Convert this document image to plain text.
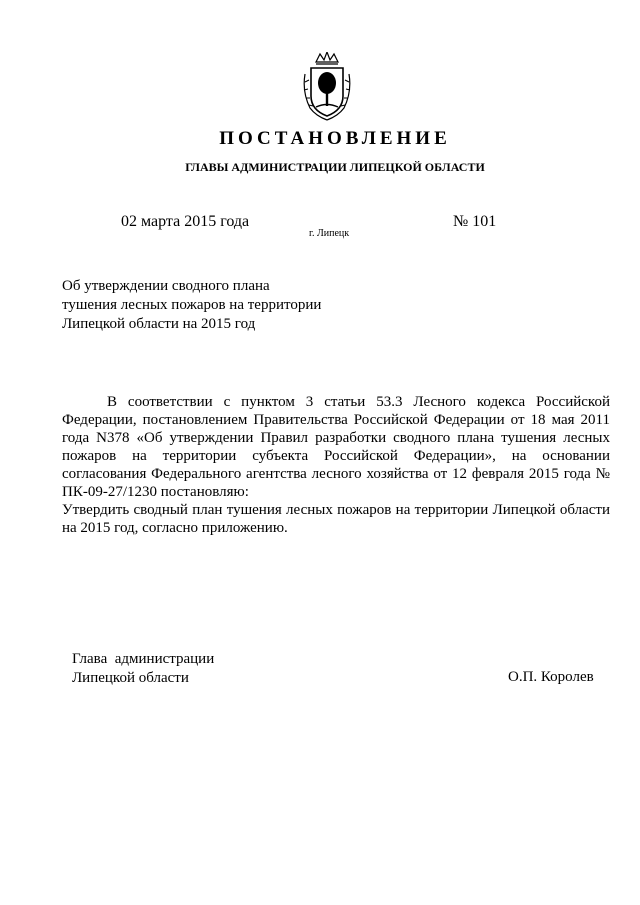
ПОСТАНОВЛЕНИЕ
ГЛАВЫ АДМИНИСТРАЦИИ ЛИПЕЦКОЙ ОБЛАСТИ
02 марта 2015 года
г. Липецк
№ 101
Об утверждении сводного плана
тушения лесных пожаров на территории
Липецкой области на 2015 год

В соответствии с пунктом 3 статьи 53.3 Лесного кодекса Российской Федерации, постановлением Правительства Российской Федерации от 18 мая 2011 года N378 «Об утверждении Правил разработки сводного плана тушения лесных пожаров на территории субъекта Российской Федерации», на основании согласования Федерального агентства лесного хозяйства от 12 февраля 2015 года № ПК-09-27/1230 постановляю:

Утвердить сводный план тушения лесных пожаров на территории Липецкой области на 2015 год, согласно приложению.

Глава  администрации
Липецкой области	О.П. Королев
